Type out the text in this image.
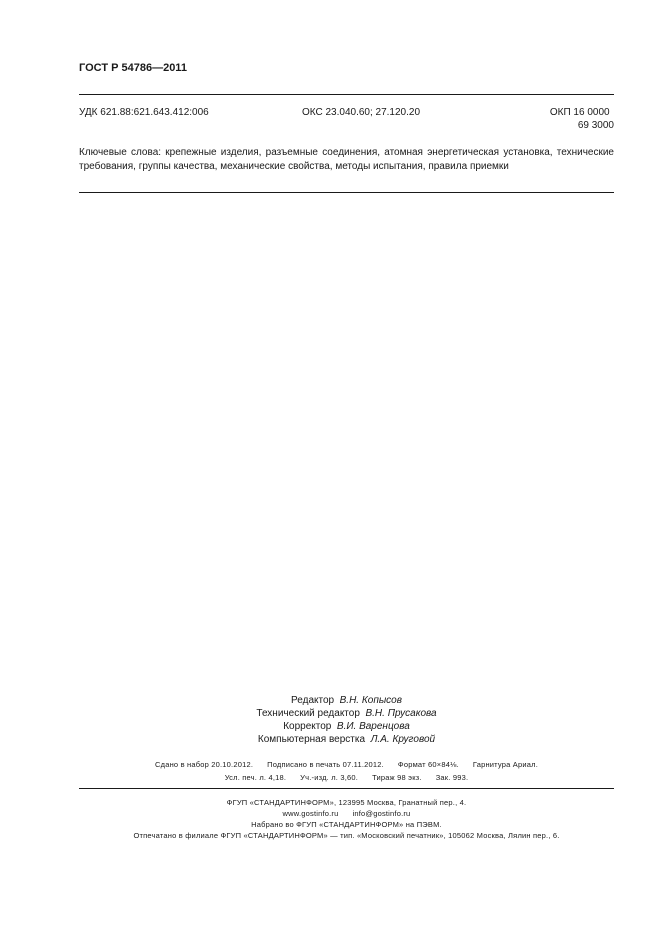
ГОСТ Р 54786—2011
УДК 621.88:621.643.412:006	ОКС 23.040.60; 27.120.20	ОКП 16 0000
69 3000
Ключевые слова: крепежные изделия, разъемные соединения, атомная энергетическая установка, технические требования, группы качества, механические свойства, методы испытания, правила приемки
Редактор В.Н. Копысов
Технический редактор В.Н. Прусакова
Корректор В.И. Варенцова
Компьютерная верстка Л.А. Круговой
Сдано в набор 20.10.2012. Подписано в печать 07.11.2012. Формат 60×84⅛. Гарнитура Ариал.
Усл. печ. л. 4,18. Уч.-изд. л. 3,60. Тираж 98 экз. Зак. 993.
ФГУП «СТАНДАРТИНФОРМ», 123995 Москва, Гранатный пер., 4.
www.gostinfo.ru info@gostinfo.ru
Набрано во ФГУП «СТАНДАРТИНФОРМ» на ПЭВМ.
Отпечатано в филиале ФГУП «СТАНДАРТИНФОРМ» — тип. «Московский печатник», 105062 Москва, Лялин пер., 6.
